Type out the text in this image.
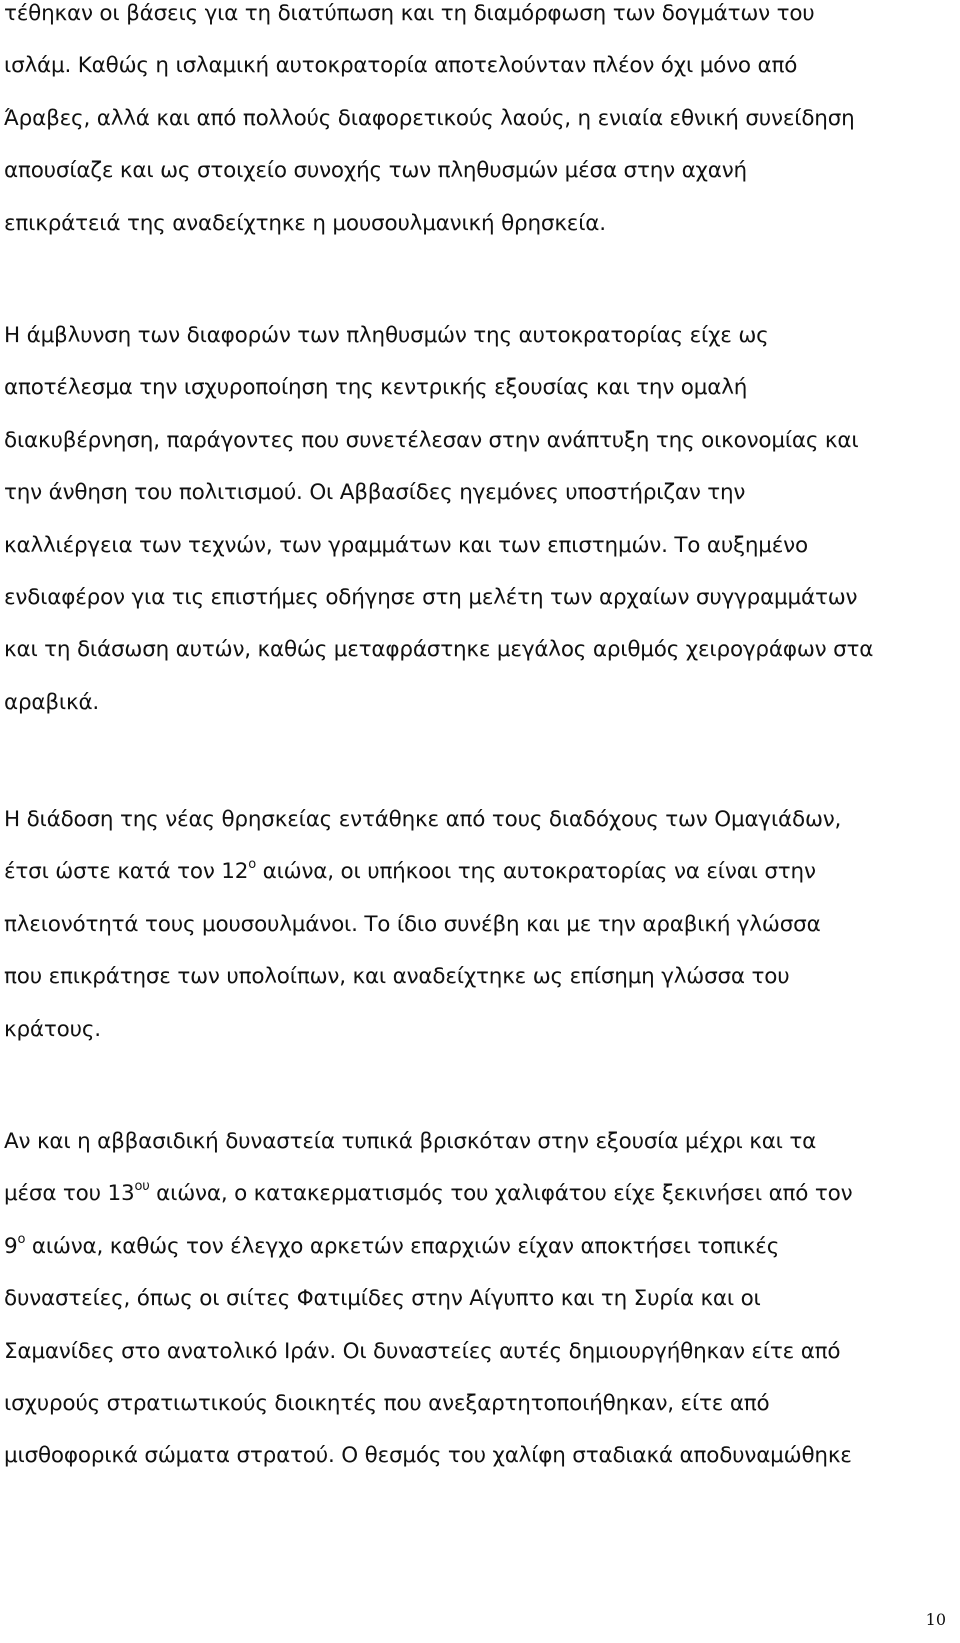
τέθηκαν οι βάσεις για τη διατύπωση και τη διαμόρφωση των δογμάτων του
ισλάμ. Καθώς η ισλαμική αυτοκρατορία αποτελούνταν πλέον όχι μόνο από
Άραβες, αλλά και από πολλούς διαφορετικούς λαούς, η ενιαία εθνική συνείδηση
απουσίαζε και ως στοιχείο συνοχής των πληθυσμών μέσα στην αχανή
επικράτειά της αναδείχτηκε η μουσουλμανική θρησκεία.

Η άμβλυνση των διαφορών των πληθυσμών της αυτοκρατορίας είχε ως
αποτέλεσμα την ισχυροποίηση της κεντρικής εξουσίας και την ομαλή
διακυβέρνηση, παράγοντες που συνετέλεσαν στην ανάπτυξη της οικονομίας και
την άνθηση του πολιτισμού. Οι Αββασίδες ηγεμόνες υποστήριζαν την
καλλιέργεια των τεχνών, των γραμμάτων και των επιστημών. Το αυξημένο
ενδιαφέρον για τις επιστήμες οδήγησε στη μελέτη των αρχαίων συγγραμμάτων
και τη διάσωση αυτών, καθώς μεταφράστηκε μεγάλος αριθμός χειρογράφων στα
αραβικά.

Η διάδοση της νέας θρησκείας εντάθηκε από τους διαδόχους των Ομαγιάδων,
έτσι ώστε κατά τον $12^o$ αιώνα, οι υπήκοοι της αυτοκρατορίας να είναι στην
πλειονότητά τους μουσουλμάνοι. Το ίδιο συνέβη και με την αραβική γλώσσα
που επικράτησε των υπολοίπων, και αναδείχτηκε ως επίσημη γλώσσα του
κράτους.

Αν και η αββασιδική δυναστεία τυπικά βρισκόταν στην εξουσία μέχρι και τα
μέσα του $13^{o\upsilon}$ αιώνα, ο κατακερματισμός του χαλιφάτου είχε ξεκινήσει από τον
$9^o$ αιώνα, καθώς τον έλεγχο αρκετών επαρχιών είχαν αποκτήσει τοπικές
δυναστείες, όπως οι σιίτες Φατιμίδες στην Αίγυπτο και τη Συρία και οι
Σαμανίδες στο ανατολικό Ιράν. Οι δυναστείες αυτές δημιουργήθηκαν είτε από
ισχυρούς στρατιωτικούς διοικητές που ανεξαρτητοποιήθηκαν, είτε από
μισθοφορικά σώματα στρατού. Ο θεσμός του χαλίφη σταδιακά αποδυναμώθηκε

10
